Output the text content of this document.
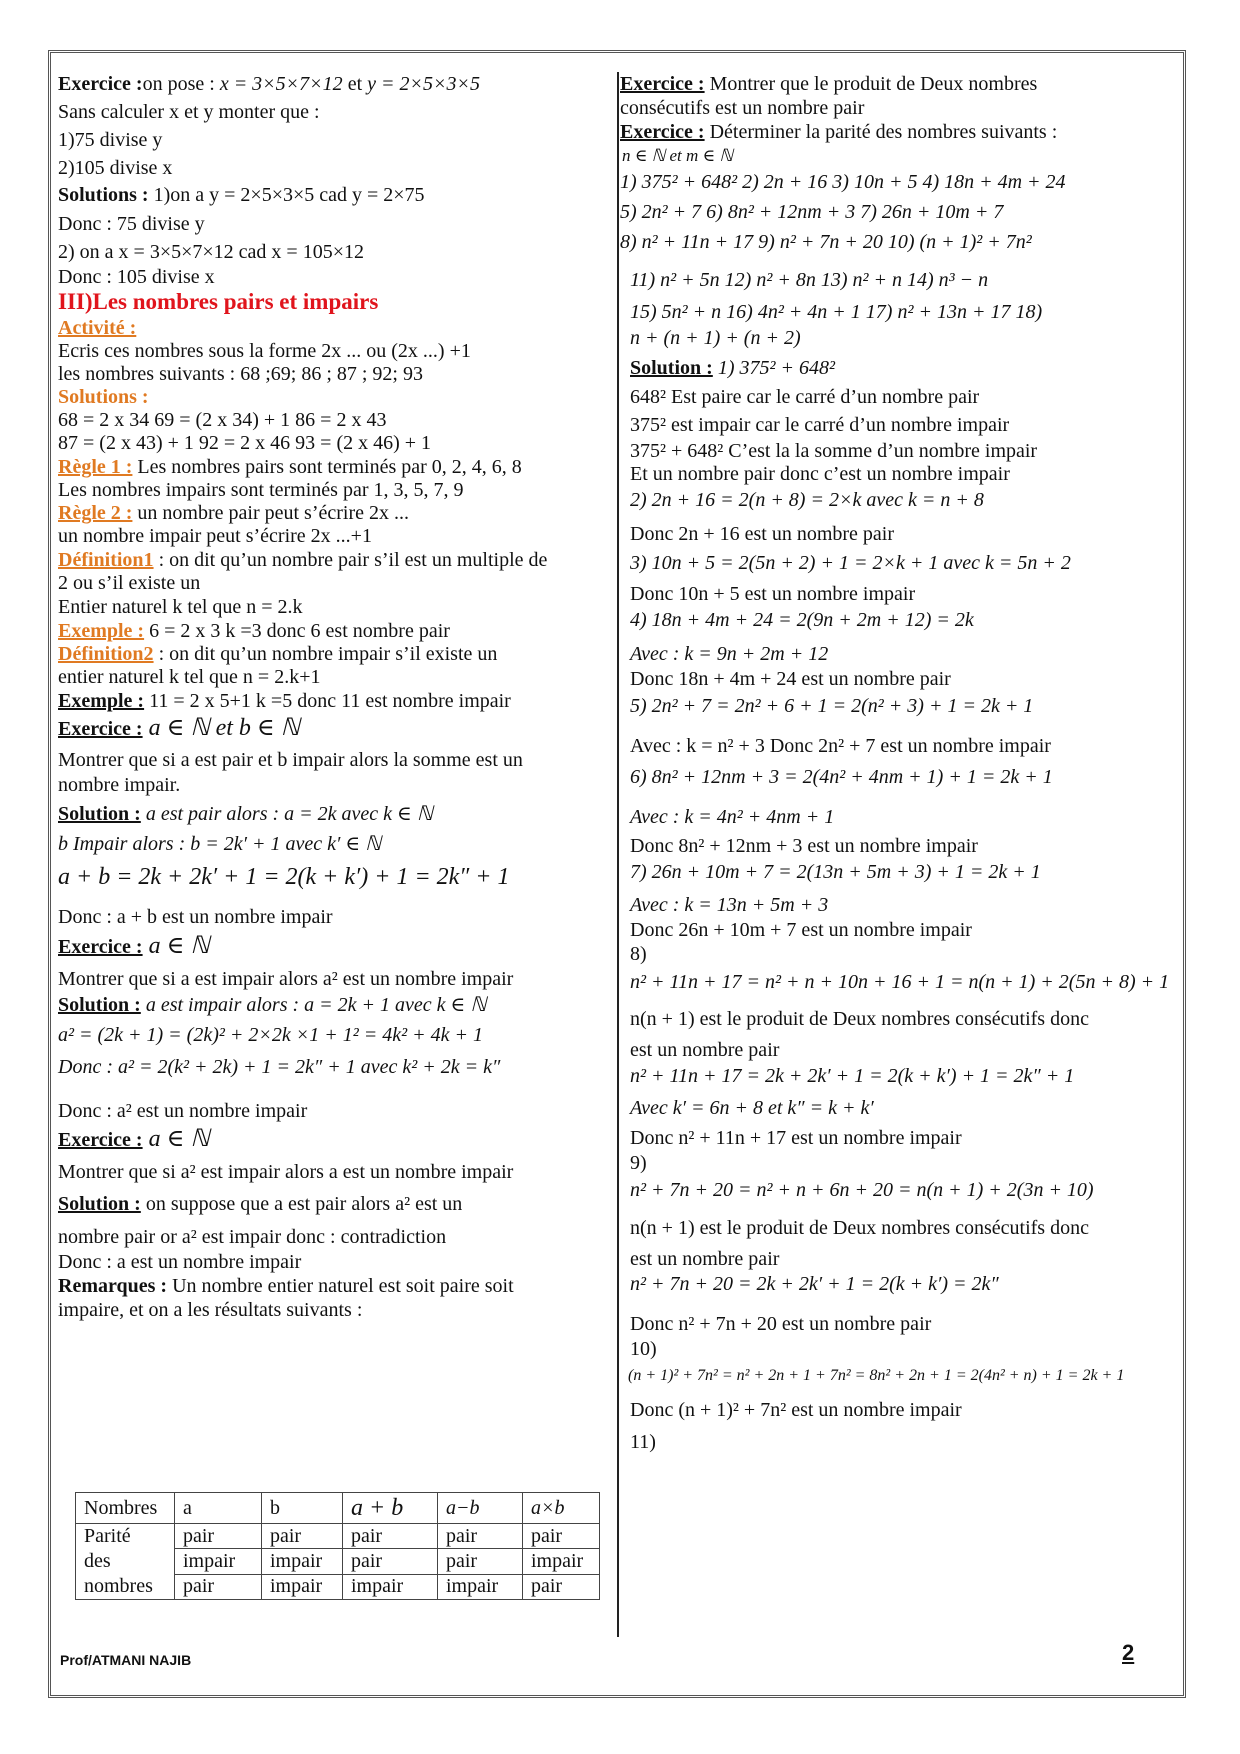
Exercice :on pose : x = 3×5×7×12 et y = 2×5×3×5
Sans calculer x et y monter que :
1)75 divise y
2)105 divise x
Solutions : 1)on a y = 2×5×3×5 cad y = 2×75
Donc : 75 divise y
2) on a x = 3×5×7×12 cad x = 105×12
Donc : 105 divise x
III)Les nombres pairs et impairs
Activité :
Ecris ces nombres sous la forme 2x ... ou (2x ...) +1
les nombres suivants : 68 ;69; 86 ; 87 ; 92; 93
Solutions :
68 = 2 x 34 69 = (2 x 34) + 1 86 = 2 x 43
87 = (2 x 43) + 1 92 = 2 x 46 93 = (2 x 46) + 1
Règle 1 : Les nombres pairs sont terminés par 0, 2, 4, 6, 8
Les nombres impairs sont terminés par 1, 3, 5, 7, 9
Règle 2 : un nombre pair peut s’écrire 2x ...
un nombre impair peut s’écrire 2x ...+1
Définition1 : on dit qu’un nombre pair s’il est un multiple de
2 ou s’il existe un
Entier naturel k tel que n = 2.k
Exemple : 6 = 2 x 3 k =3 donc 6 est nombre pair
Définition2 : on dit qu’un nombre impair s’il existe un
entier naturel k tel que n = 2.k+1
Exemple : 11 = 2 x 5+1 k =5 donc 11 est nombre impair
Exercice : a ∈ ℕ et b ∈ ℕ
Montrer que si a est pair et b impair alors la somme est un
nombre impair.
Solution : a est pair alors : a = 2k avec k ∈ ℕ
b Impair alors : b = 2k′ + 1 avec k′ ∈ ℕ
a + b = 2k + 2k′ + 1 = 2(k + k′) + 1 = 2k″ + 1
Donc : a + b est un nombre impair
Exercice : a ∈ ℕ
Montrer que si a est impair alors a² est un nombre impair
Solution : a est impair alors : a = 2k + 1 avec k ∈ ℕ
a² = (2k + 1) = (2k)² + 2×2k ×1 + 1² = 4k² + 4k + 1
Donc : a² = 2(k² + 2k) + 1 = 2k″ + 1 avec k² + 2k = k″
Donc : a² est un nombre impair
Exercice : a ∈ ℕ
Montrer que si a² est impair alors a est un nombre impair
Solution : on suppose que a est pair alors a² est un
nombre pair or a² est impair donc : contradiction
Donc : a est un nombre impair
Remarques : Un nombre entier naturel est soit paire soit
impaire, et on a les résultats suivants :
Nombres	a	b	a + b	a−b	a×b

Parité
des
nombres	pair	pair	pair	pair	pair
	impair	impair	pair	pair	impair
	pair	impair	impair	impair	pair
Exercice : Montrer que le produit de Deux nombres
consécutifs est un nombre pair
Exercice : Déterminer la parité des nombres suivants :
n ∈ ℕ et m ∈ ℕ
1) 375² + 648² 2) 2n + 16 3) 10n + 5 4) 18n + 4m + 24
5) 2n² + 7 6) 8n² + 12nm + 3 7) 26n + 10m + 7
8) n² + 11n + 17 9) n² + 7n + 20 10) (n + 1)² + 7n²
11) n² + 5n 12) n² + 8n 13) n² + n 14) n³ − n
15) 5n² + n 16) 4n² + 4n + 1 17) n² + 13n + 17 18)
n + (n + 1) + (n + 2)
Solution : 1) 375² + 648²
648² Est paire car le carré d’un nombre pair
375² est impair car le carré d’un nombre impair
375² + 648² C’est la la somme d’un nombre impair
Et un nombre pair donc c’est un nombre impair
2) 2n + 16 = 2(n + 8) = 2×k avec k = n + 8
Donc 2n + 16 est un nombre pair
3) 10n + 5 = 2(5n + 2) + 1 = 2×k + 1 avec k = 5n + 2
Donc 10n + 5 est un nombre impair
4) 18n + 4m + 24 = 2(9n + 2m + 12) = 2k
Avec : k = 9n + 2m + 12
Donc 18n + 4m + 24 est un nombre pair
5) 2n² + 7 = 2n² + 6 + 1 = 2(n² + 3) + 1 = 2k + 1
Avec : k = n² + 3 Donc 2n² + 7 est un nombre impair
6) 8n² + 12nm + 3 = 2(4n² + 4nm + 1) + 1 = 2k + 1
Avec : k = 4n² + 4nm + 1
Donc 8n² + 12nm + 3 est un nombre impair
7) 26n + 10m + 7 = 2(13n + 5m + 3) + 1 = 2k + 1
Avec : k = 13n + 5m + 3
Donc 26n + 10m + 7 est un nombre impair
8)
n² + 11n + 17 = n² + n + 10n + 16 + 1 = n(n + 1) + 2(5n + 8) + 1
n(n + 1) est le produit de Deux nombres consécutifs donc
est un nombre pair
n² + 11n + 17 = 2k + 2k′ + 1 = 2(k + k′) + 1 = 2k″ + 1
Avec k′ = 6n + 8 et k″ = k + k′
Donc n² + 11n + 17 est un nombre impair
9)
n² + 7n + 20 = n² + n + 6n + 20 = n(n + 1) + 2(3n + 10)
n(n + 1) est le produit de Deux nombres consécutifs donc
est un nombre pair
n² + 7n + 20 = 2k + 2k′ + 1 = 2(k + k′) = 2k″
Donc n² + 7n + 20 est un nombre pair
10)
(n + 1)² + 7n² = n² + 2n + 1 + 7n² = 8n² + 2n + 1 = 2(4n² + n) + 1 = 2k + 1
Donc (n + 1)² + 7n² est un nombre impair
11)
Prof/ATMANI NAJIB	2
